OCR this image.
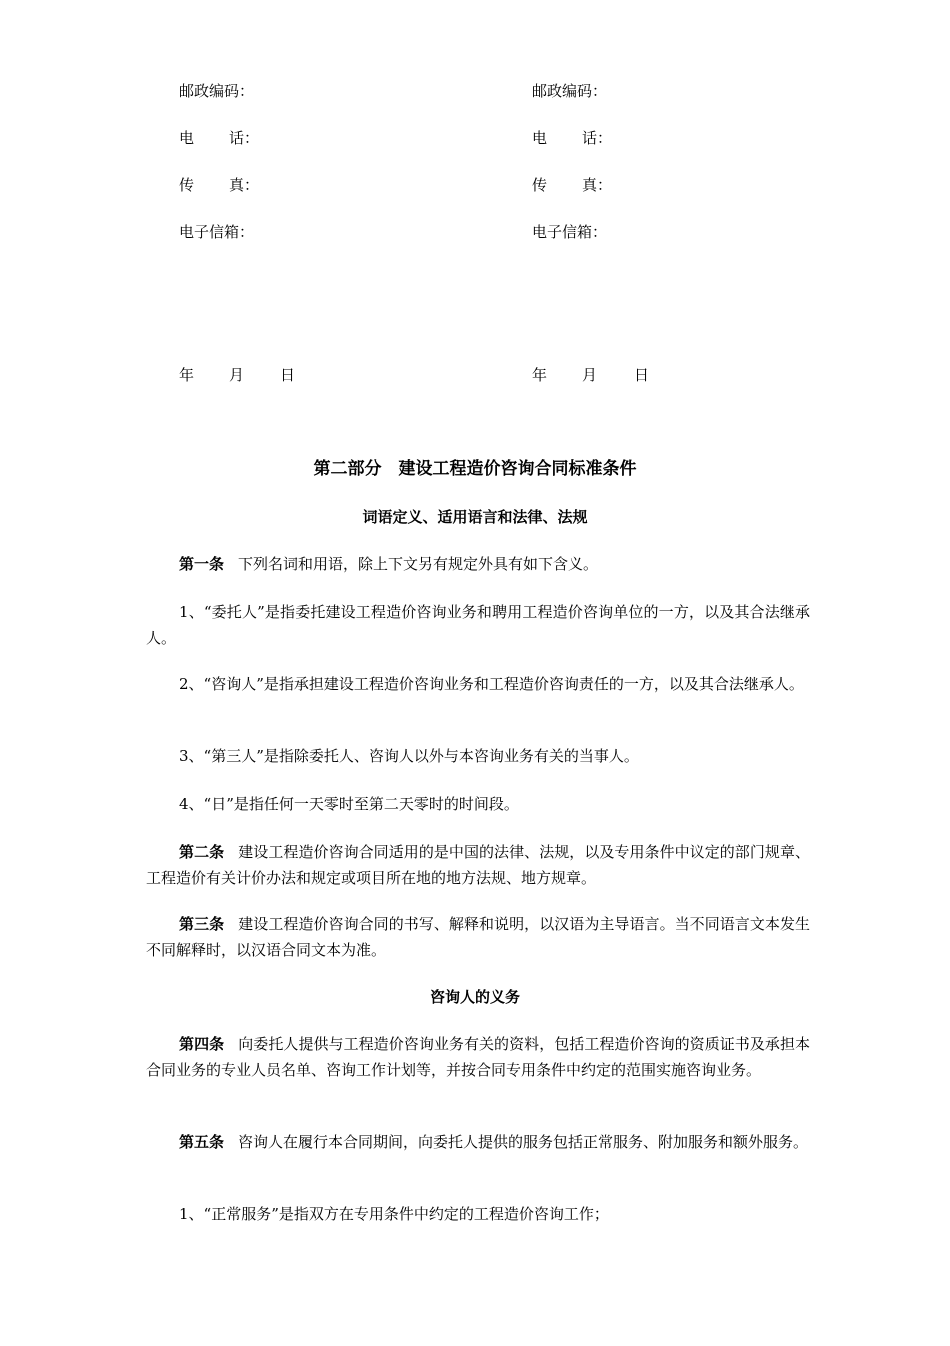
邮政编码：
电 话：
传 真：
电子信箱：
邮政编码：
电 话：
传 真：
电子信箱：
年 月 日	年 月 日
第二部分　建设工程造价咨询合同标准条件
词语定义、适用语言和法律、法规
第一条 下列名词和用语，除上下文另有规定外具有如下含义。
1、“委托人”是指委托建设工程造价咨询业务和聘用工程造价咨询单位的一方，以及其合法继承人。
2、“咨询人”是指承担建设工程造价咨询业务和工程造价咨询责任的一方，以及其合法继承人。
3、“第三人”是指除委托人、咨询人以外与本咨询业务有关的当事人。
4、“日”是指任何一天零时至第二天零时的时间段。
第二条 建设工程造价咨询合同适用的是中国的法律、法规，以及专用条件中议定的部门规章、工程造价有关计价办法和规定或项目所在地的地方法规、地方规章。
第三条 建设工程造价咨询合同的书写、解释和说明，以汉语为主导语言。当不同语言文本发生不同解释时，以汉语合同文本为准。
咨询人的义务
第四条 向委托人提供与工程造价咨询业务有关的资料，包括工程造价咨询的资质证书及承担本合同业务的专业人员名单、咨询工作计划等，并按合同专用条件中约定的范围实施咨询业务。
第五条 咨询人在履行本合同期间，向委托人提供的服务包括正常服务、附加服务和额外服务。
1、“正常服务”是指双方在专用条件中约定的工程造价咨询工作；
